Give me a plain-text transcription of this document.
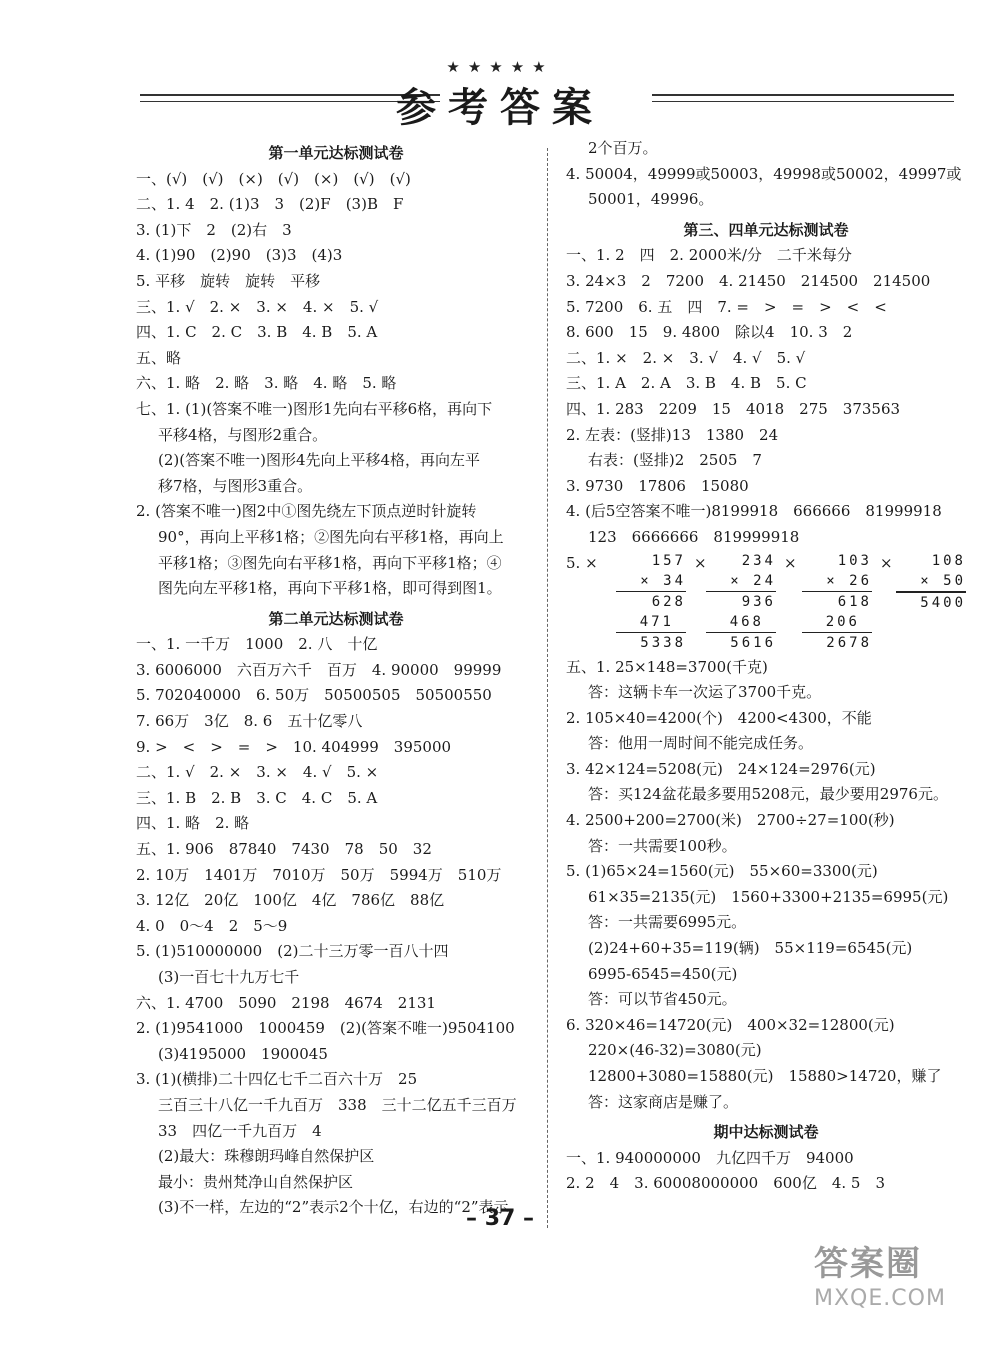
★★★★★
参考答案
第一单元达标测试卷
一、(√)　(√)　(×)　(√)　(×)　(√)　(√)
二、1. 4　2. (1)3　3　(2)F　(3)B　F
3. (1)下　2　(2)右　3
4. (1)90　(2)90　(3)3　(4)3
5. 平移　旋转　旋转　平移
三、1. √　2. ×　3. ×　4. ×　5. √
四、1. C　2. C　3. B　4. B　5. A
五、略
六、1. 略　2. 略　3. 略　4. 略　5. 略
七、1. (1)(答案不唯一)图形1先向右平移6格，再向下
平移4格，与图形2重合。
(2)(答案不唯一)图形4先向上平移4格，再向左平
移7格，与图形3重合。
2. (答案不唯一)图2中①图先绕左下顶点逆时针旋转
90°，再向上平移1格；②图先向右平移1格，再向上
平移1格；③图先向右平移1格，再向下平移1格；④
图先向左平移1格，再向下平移1格，即可得到图1。
第二单元达标测试卷
一、1. 一千万　1000　2. 八　十亿
3. 6006000　六百万六千　百万　4. 90000　99999
5. 702040000　6. 50万　50500505　50500550
7. 66万　3亿　8. 6　五十亿零八
9. >　<　>　=　>　10. 404999　395000
二、1. √　2. ×　3. ×　4. √　5. ×
三、1. B　2. B　3. C　4. C　5. A
四、1. 略　2. 略
五、1. 906　87840　7430　78　50　32
2. 10万　1401万　7010万　50万　5994万　510万
3. 12亿　20亿　100亿　4亿　786亿　88亿
4. 0　0～4　2　5～9
5. (1)510000000　(2)二十三万零一百八十四
(3)一百七十九万七千
六、1. 4700　5090　2198　4674　2131
2. (1)9541000　1000459　(2)(答案不唯一)9504100
(3)4195000　1900045
3. (1)(横排)二十四亿七千二百六十万　25
三百三十八亿一千九百万　338　三十二亿五千三百万
33　四亿一千九百万　4
(2)最大：珠穆朗玛峰自然保护区
最小：贵州梵净山自然保护区
(3)不一样，左边的“2”表示2个十亿，右边的“2”表示
2个百万。
4. 50004，49999或50003，49998或50002，49997或
50001，49996。
第三、四单元达标测试卷
一、1. 2　四　2. 2000米/分　二千米每分
3. 24×3　2　7200　4. 21450　214500　214500
5. 7200　6. 五　四　7. =　>　=　>　<　<
8. 600　15　9. 4800　除以4　10. 3　2
二、1. ×　2. ×　3. √　4. √　5. √
三、1. A　2. A　3. B　4. B　5. C
四、1. 283　2209　15　4018　275　373563
2. 左表：(竖排)13　1380　24
右表：(竖排)2　2505　7
3. 9730　17806　15080
4. (后5空答案不唯一)8199918　666666　81999918
123　6666666　819999918
5. ×	157
× 34
628
471
5338
×	234
× 24
936
468
5616
×	103
× 26
618
206
2678
×	108
× 50
5400
五、1. 25×148=3700(千克)
答：这辆卡车一次运了3700千克。
2. 105×40=4200(个)　4200<4300，不能
答：他用一周时间不能完成任务。
3. 42×124=5208(元)　24×124=2976(元)
答：买124盆花最多要用5208元，最少要用2976元。
4. 2500+200=2700(米)　2700÷27=100(秒)
答：一共需要100秒。
5. (1)65×24=1560(元)　55×60=3300(元)
61×35=2135(元)　1560+3300+2135=6995(元)
答：一共需要6995元。
(2)24+60+35=119(辆)　55×119=6545(元)
6995-6545=450(元)
答：可以节省450元。
6. 320×46=14720(元)　400×32=12800(元)
220×(46-32)=3080(元)
12800+3080=15880(元)　15880>14720，赚了
答：这家商店是赚了。
期中达标测试卷
一、1. 940000000　九亿四千万　94000
2. 2　4　3. 60008000000　600亿　4. 5　3
– 37 –
答案圈
MXQE.COM
